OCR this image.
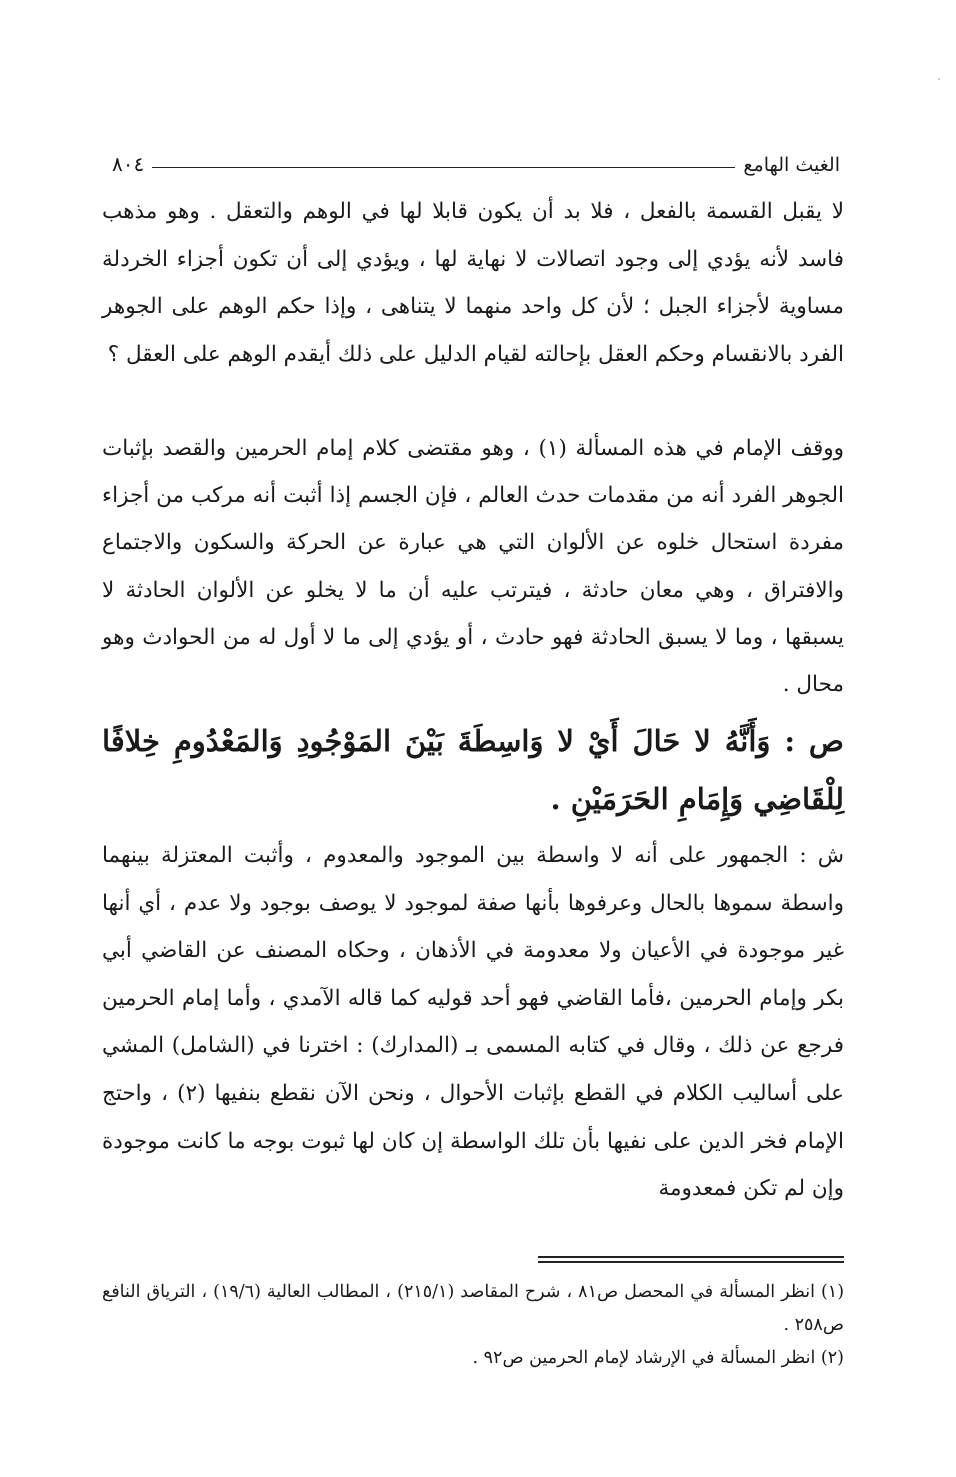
الغيث الهامع
٨٠٤

لا يقبل القسمة بالفعل ، فلا بد أن يكون قابلا لها في الوهم والتعقل . وهو مذهب فاسد لأنه يؤدي إلى وجود اتصالات لا نهاية لها ، ويؤدي إلى أن تكون أجزاء الخردلة مساوية لأجزاء الجبل ؛ لأن كل واحد منهما لا يتناهى ، وإذا حكم الوهم على الجوهر الفرد بالانقسام وحكم العقل بإحالته لقيام الدليل على ذلك أيقدم الوهم على العقل ؟

ووقف الإمام في هذه المسألة (١) ، وهو مقتضى كلام إمام الحرمين والقصد بإثبات الجوهر الفرد أنه من مقدمات حدث العالم ، فإن الجسم إذا أثبت أنه مركب من أجزاء مفردة استحال خلوه عن الألوان التي هي عبارة عن الحركة والسكون والاجتماع والافتراق ، وهي معان حادثة ، فيترتب عليه أن ما لا يخلو عن الألوان الحادثة لا يسبقها ، وما لا يسبق الحادثة فهو حادث ، أو يؤدي إلى ما لا أول له من الحوادث وهو محال .

ص : وَأَنَّهُ لا حَالَ أَيْ لا وَاسِطَةَ بَيْنَ المَوْجُودِ وَالمَعْدُومِ خِلافًا لِلْقَاضِي وَإِمَامِ الحَرَمَيْنِ .

ش : الجمهور على أنه لا واسطة بين الموجود والمعدوم ، وأثبت المعتزلة بينهما واسطة سموها بالحال وعرفوها بأنها صفة لموجود لا يوصف بوجود ولا عدم ، أي أنها غير موجودة في الأعيان ولا معدومة في الأذهان ، وحكاه المصنف عن القاضي أبي بكر وإمام الحرمين ،فأما القاضي فهو أحد قوليه كما قاله الآمدي ، وأما إمام الحرمين فرجع عن ذلك ، وقال في كتابه المسمى بـ (المدارك) : اخترنا في (الشامل) المشي على أساليب الكلام في القطع بإثبات الأحوال ، ونحن الآن نقطع بنفيها (٢) ، واحتج الإمام فخر الدين على نفيها بأن تلك الواسطة إن كان لها ثبوت بوجه ما كانت موجودة وإن لم تكن فمعدومة

(١) انظر المسألة في المحصل ص٨١ ، شرح المقاصد (٢١٥/١) ، المطالب العالية (١٩/٦) ، الترياق النافع ص٢٥٨ .

(٢) انظر المسألة في الإرشاد لإمام الحرمين ص٩٢ .
